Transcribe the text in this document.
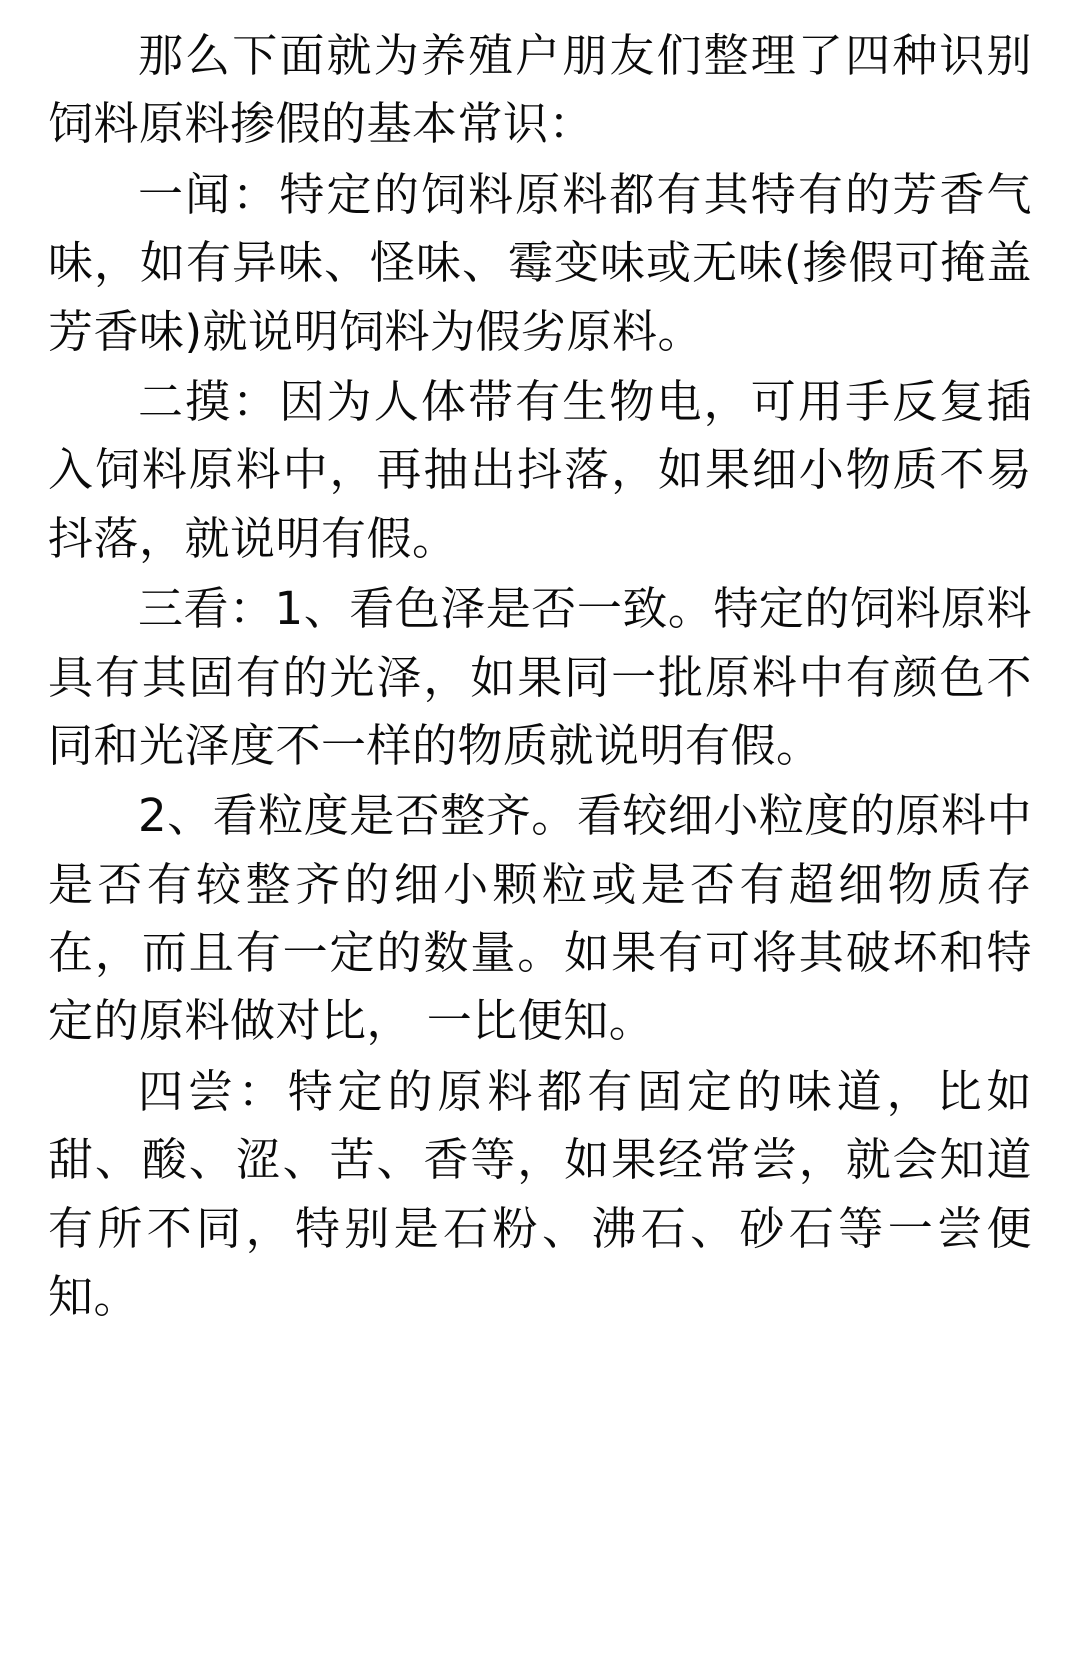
那么下面就为养殖户朋友们整理了四种识别饲料原料掺假的基本常识：

一闻：特定的饲料原料都有其特有的芳香气味，如有异味、怪味、霉变味或无味(掺假可掩盖芳香味)就说明饲料为假劣原料。

二摸：因为人体带有生物电，可用手反复插入饲料原料中，再抽出抖落，如果细小物质不易抖落，就说明有假。

三看：1、看色泽是否一致。特定的饲料原料具有其固有的光泽，如果同一批原料中有颜色不同和光泽度不一样的物质就说明有假。

2、看粒度是否整齐。看较细小粒度的原料中是否有较整齐的细小颗粒或是否有超细物质存在，而且有一定的数量。如果有可将其破坏和特定的原料做对比， 一比便知。

四尝：特定的原料都有固定的味道，比如甜、酸、涩、苦、香等，如果经常尝，就会知道有所不同，特别是石粉、沸石、砂石等一尝便知。
